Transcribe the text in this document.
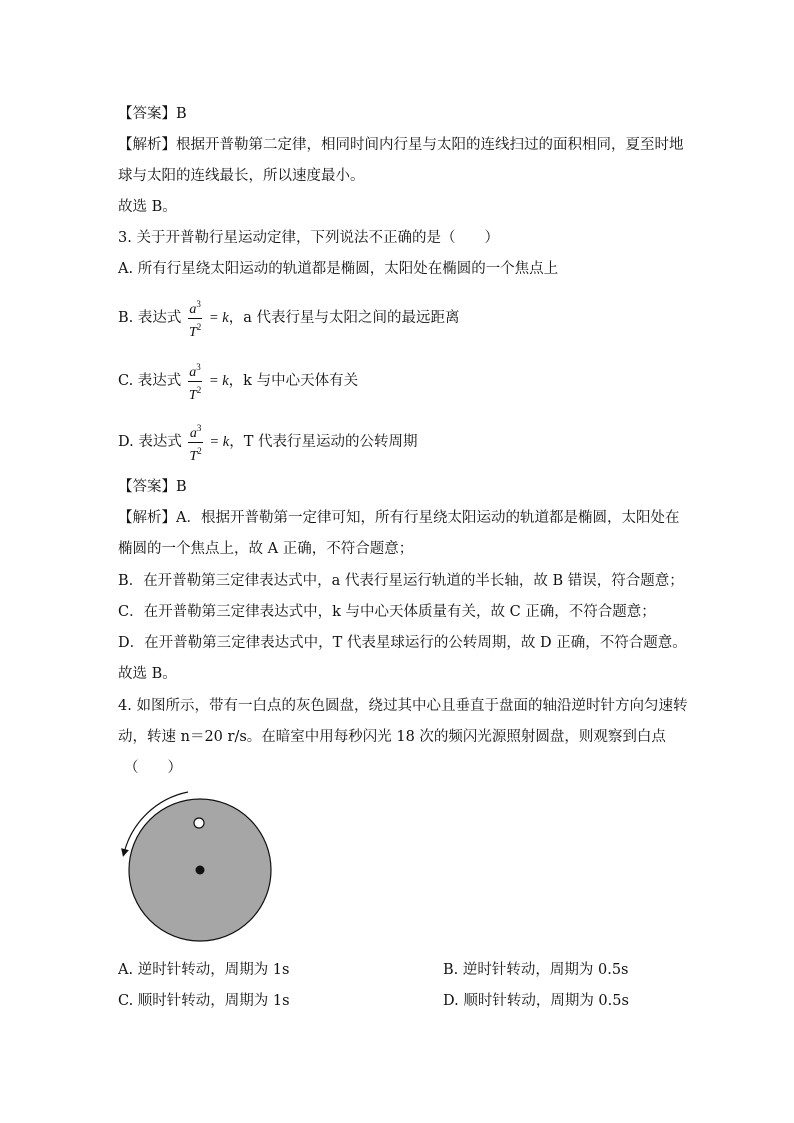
【答案】B
【解析】根据开普勒第二定律，相同时间内行星与太阳的连线扫过的面积相同，夏至时地
球与太阳的连线最长，所以速度最小。
故选 B。
3. 关于开普勒行星运动定律，下列说法不正确的是（　　）
A. 所有行星绕太阳运动的轨道都是椭圆，太阳处在椭圆的一个焦点上
B. 表达式 $\frac{a^3}{T^2} = k$，a 代表行星与太阳之间的最远距离
C. 表达式 $\frac{a^3}{T^2} = k$，k 与中心天体有关
D. 表达式 $\frac{a^3}{T^2} = k$，T 代表行星运动的公转周期
【答案】B
【解析】A．根据开普勒第一定律可知，所有行星绕太阳运动的轨道都是椭圆，太阳处在
椭圆的一个焦点上，故 A 正确，不符合题意；
B．在开普勒第三定律表达式中，a 代表行星运行轨道的半长轴，故 B 错误，符合题意；
C．在开普勒第三定律表达式中，k 与中心天体质量有关，故 C 正确，不符合题意；
D．在开普勒第三定律表达式中，T 代表星球运行的公转周期，故 D 正确，不符合题意。
故选 B。
4. 如图所示，带有一白点的灰色圆盘，绕过其中心且垂直于盘面的轴沿逆时针方向匀速转
动，转速 n＝20 r/s。在暗室中用每秒闪光 18 次的频闪光源照射圆盘，则观察到白点
（　　）
A. 逆时针转动，周期为 1s	B. 逆时针转动，周期为 0.5s
C. 顺时针转动，周期为 1s	D. 顺时针转动，周期为 0.5s
